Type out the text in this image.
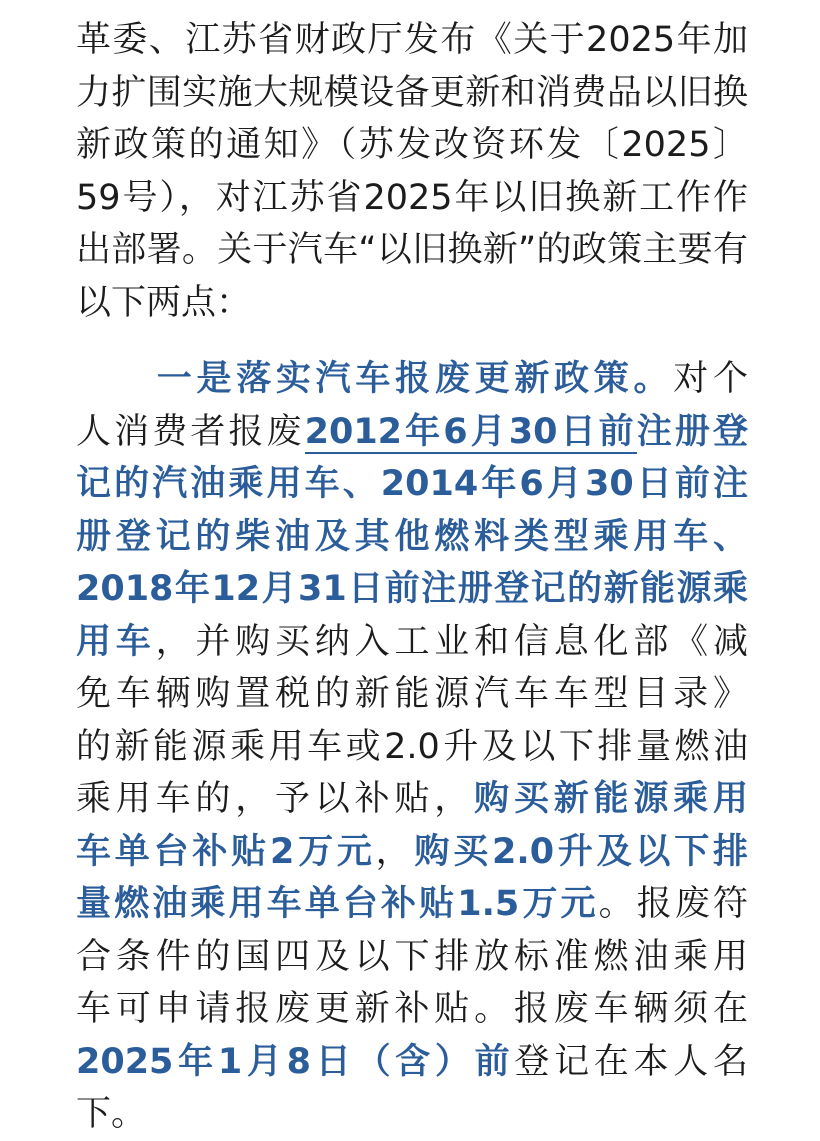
革委、江苏省财政厅发布《关于2025年加
力扩围实施大规模设备更新和消费品以旧换
新政策的通知》（苏发改资环发〔2025〕
59号），对江苏省2025年以旧换新工作作
出部署。关于汽车“以旧换新”的政策主要有
以下两点：
一是落实汽车报废更新政策。对个
人消费者报废2012年6月30日前注册登
记的汽油乘用车、2014年6月30日前注
册登记的柴油及其他燃料类型乘用车、
2018年12月31日前注册登记的新能源乘
用车，并购买纳入工业和信息化部《减
免车辆购置税的新能源汽车车型目录》
的新能源乘用车或2.0升及以下排量燃油
乘用车的，予以补贴，购买新能源乘用
车单台补贴2万元，购买2.0升及以下排
量燃油乘用车单台补贴1.5万元。报废符
合条件的国四及以下排放标准燃油乘用
车可申请报废更新补贴。报废车辆须在
2025年1月8日（含）前登记在本人名
下。
